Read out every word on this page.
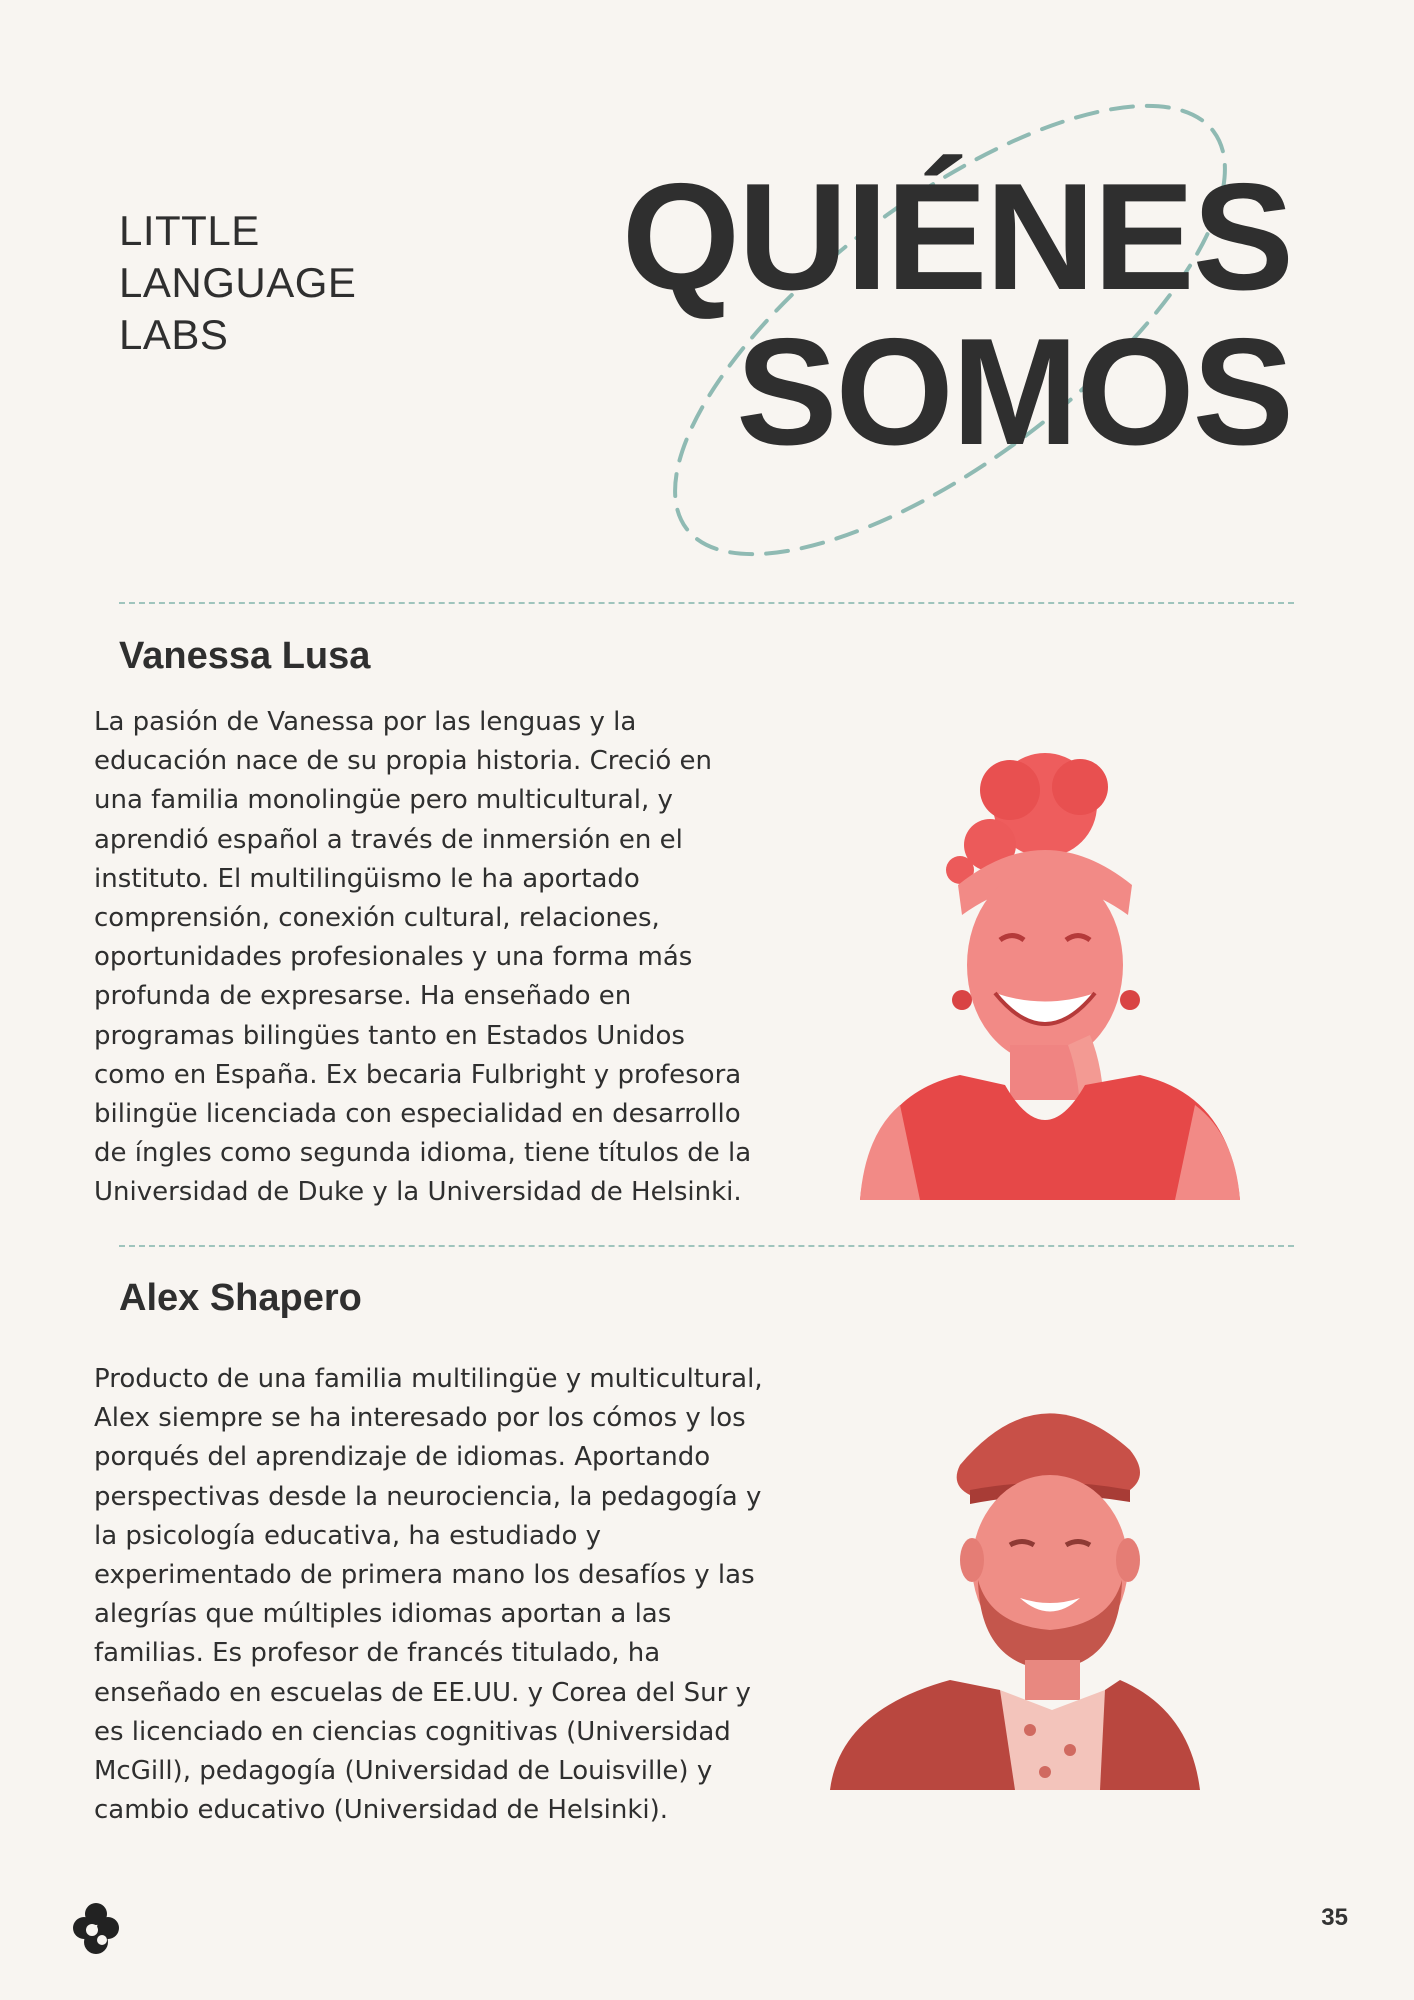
LITTLE
LANGUAGE
LABS
QUIÉNES
SOMOS
Vanessa Lusa
La pasión de Vanessa por las lenguas y la educación nace de su propia historia. Creció en una familia monolingüe pero multicultural, y aprendió español a través de inmersión en el instituto. El multilingüismo le ha aportado comprensión, conexión cultural, relaciones, oportunidades profesionales y una forma más profunda de expresarse. Ha enseñado en programas bilingües tanto en Estados Unidos como en España. Ex becaria Fulbright y profesora bilingüe licenciada con especialidad en desarrollo de íngles como segunda idioma, tiene títulos de la Universidad de Duke y la Universidad de Helsinki.
Alex Shapero
Producto de una familia multilingüe y multicultural, Alex siempre se ha interesado por los cómos y los porqués del aprendizaje de idiomas. Aportando perspectivas desde la neurociencia, la pedagogía y la psicología educativa, ha estudiado y experimentado de primera mano los desafíos y las alegrías que múltiples idiomas aportan a las familias. Es profesor de francés titulado, ha enseñado en escuelas de EE.UU. y Corea del Sur y es licenciado en ciencias cognitivas (Universidad McGill), pedagogía (Universidad de Louisville) y cambio educativo (Universidad de Helsinki).
35
